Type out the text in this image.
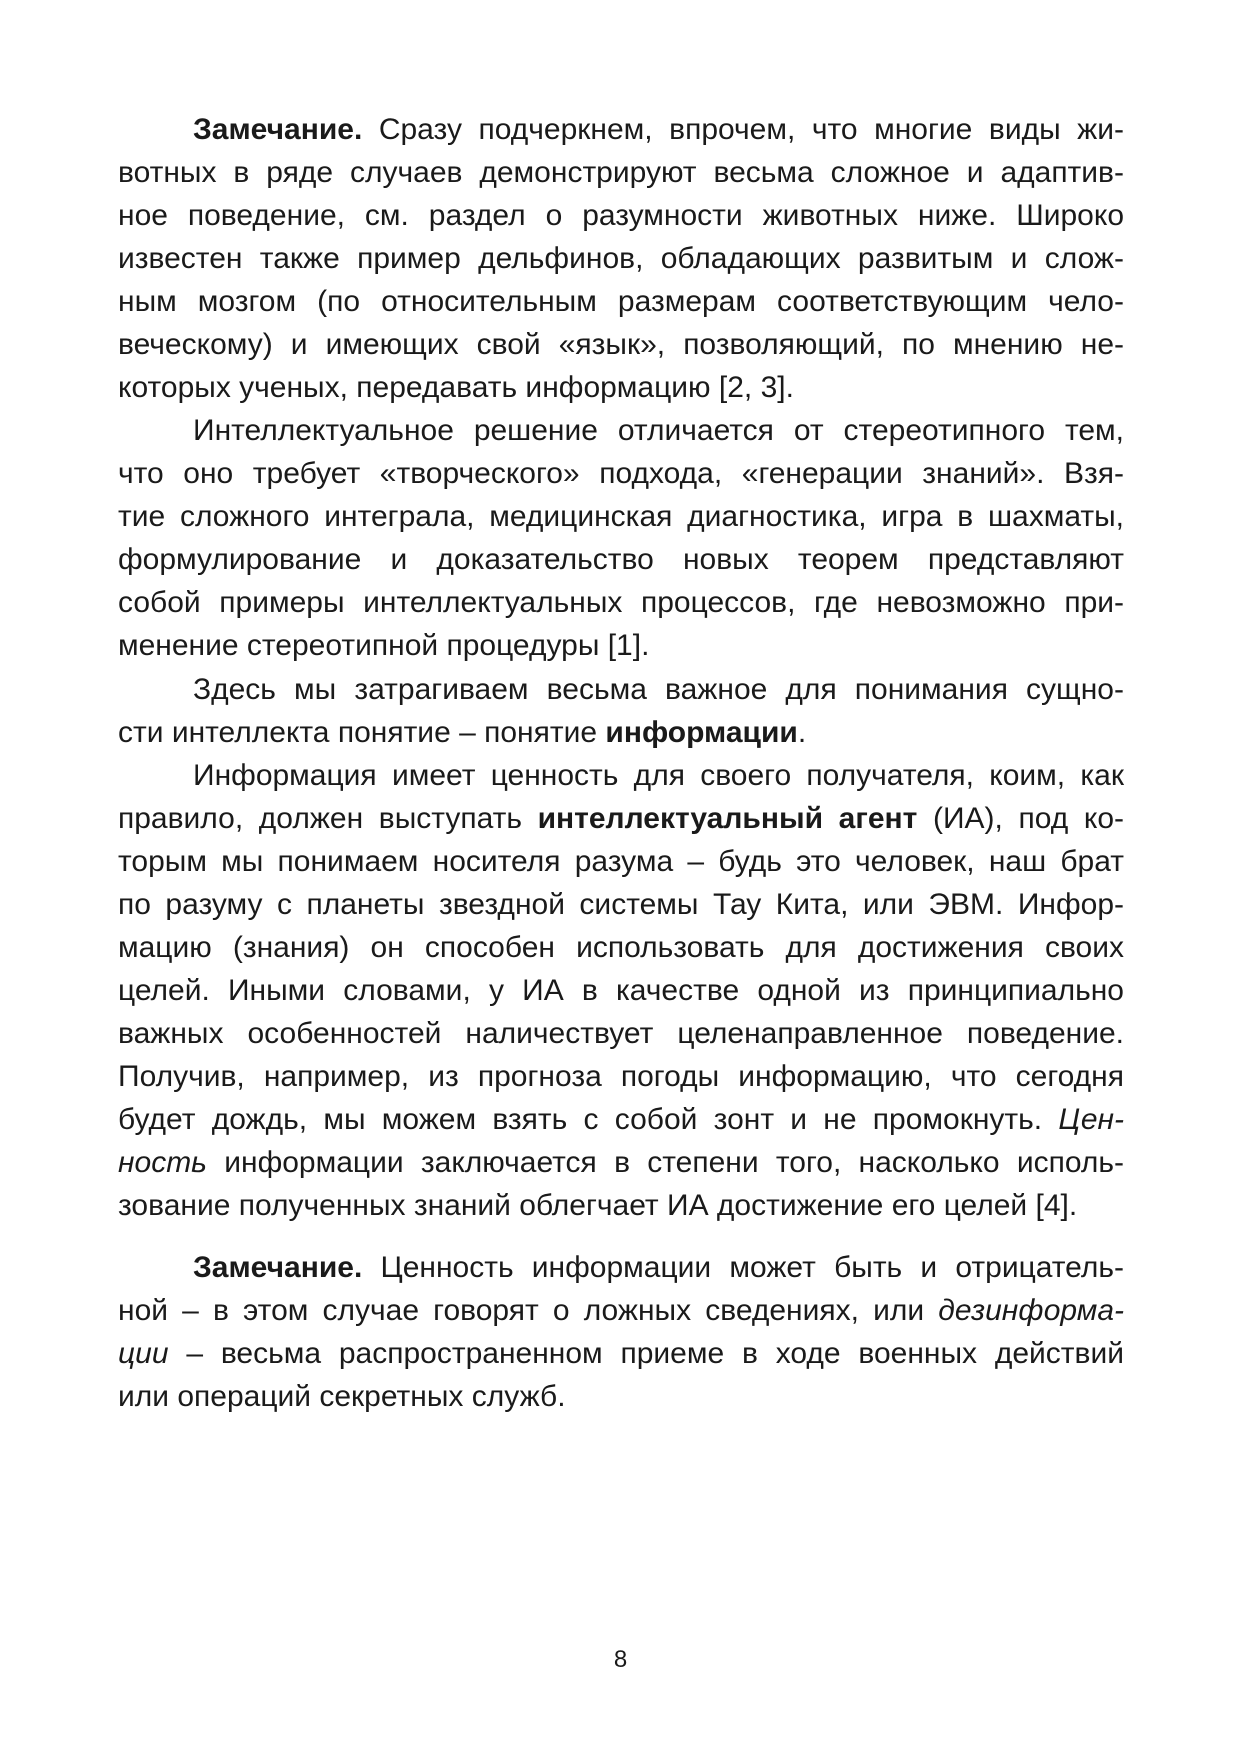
Замечание. Сразу подчеркнем, впрочем, что многие виды жи-
вотных в ряде случаев демонстрируют весьма сложное и адаптив-
ное поведение, см. раздел о разумности животных ниже. Широко
известен также пример дельфинов, обладающих развитым и слож-
ным мозгом (по относительным размерам соответствующим чело-
веческому) и имеющих свой «язык», позволяющий, по мнению не-
которых ученых, передавать информацию [2, 3].
Интеллектуальное решение отличается от стереотипного тем,
что оно требует «творческого» подхода, «генерации знаний». Взя-
тие сложного интеграла, медицинская диагностика, игра в шахматы,
формулирование и доказательство новых теорем представляют
собой примеры интеллектуальных процессов, где невозможно при-
менение стереотипной процедуры [1].
Здесь мы затрагиваем весьма важное для понимания сущно-
сти интеллекта понятие – понятие информации.
Информация имеет ценность для своего получателя, коим, как
правило, должен выступать интеллектуальный агент (ИА), под ко-
торым мы понимаем носителя разума – будь это человек, наш брат
по разуму с планеты звездной системы Тау Кита, или ЭВМ. Инфор-
мацию (знания) он способен использовать для достижения своих
целей. Иными словами, у ИА в качестве одной из принципиально
важных особенностей наличествует целенаправленное поведение.
Получив, например, из прогноза погоды информацию, что сегодня
будет дождь, мы можем взять с собой зонт и не промокнуть. Цен-
ность информации заключается в степени того, насколько исполь-
зование полученных знаний облегчает ИА достижение его целей [4].
Замечание. Ценность информации может быть и отрицатель-
ной – в этом случае говорят о ложных сведениях, или дезинформа-
ции – весьма распространенном приеме в ходе военных действий
или операций секретных служб.
8
